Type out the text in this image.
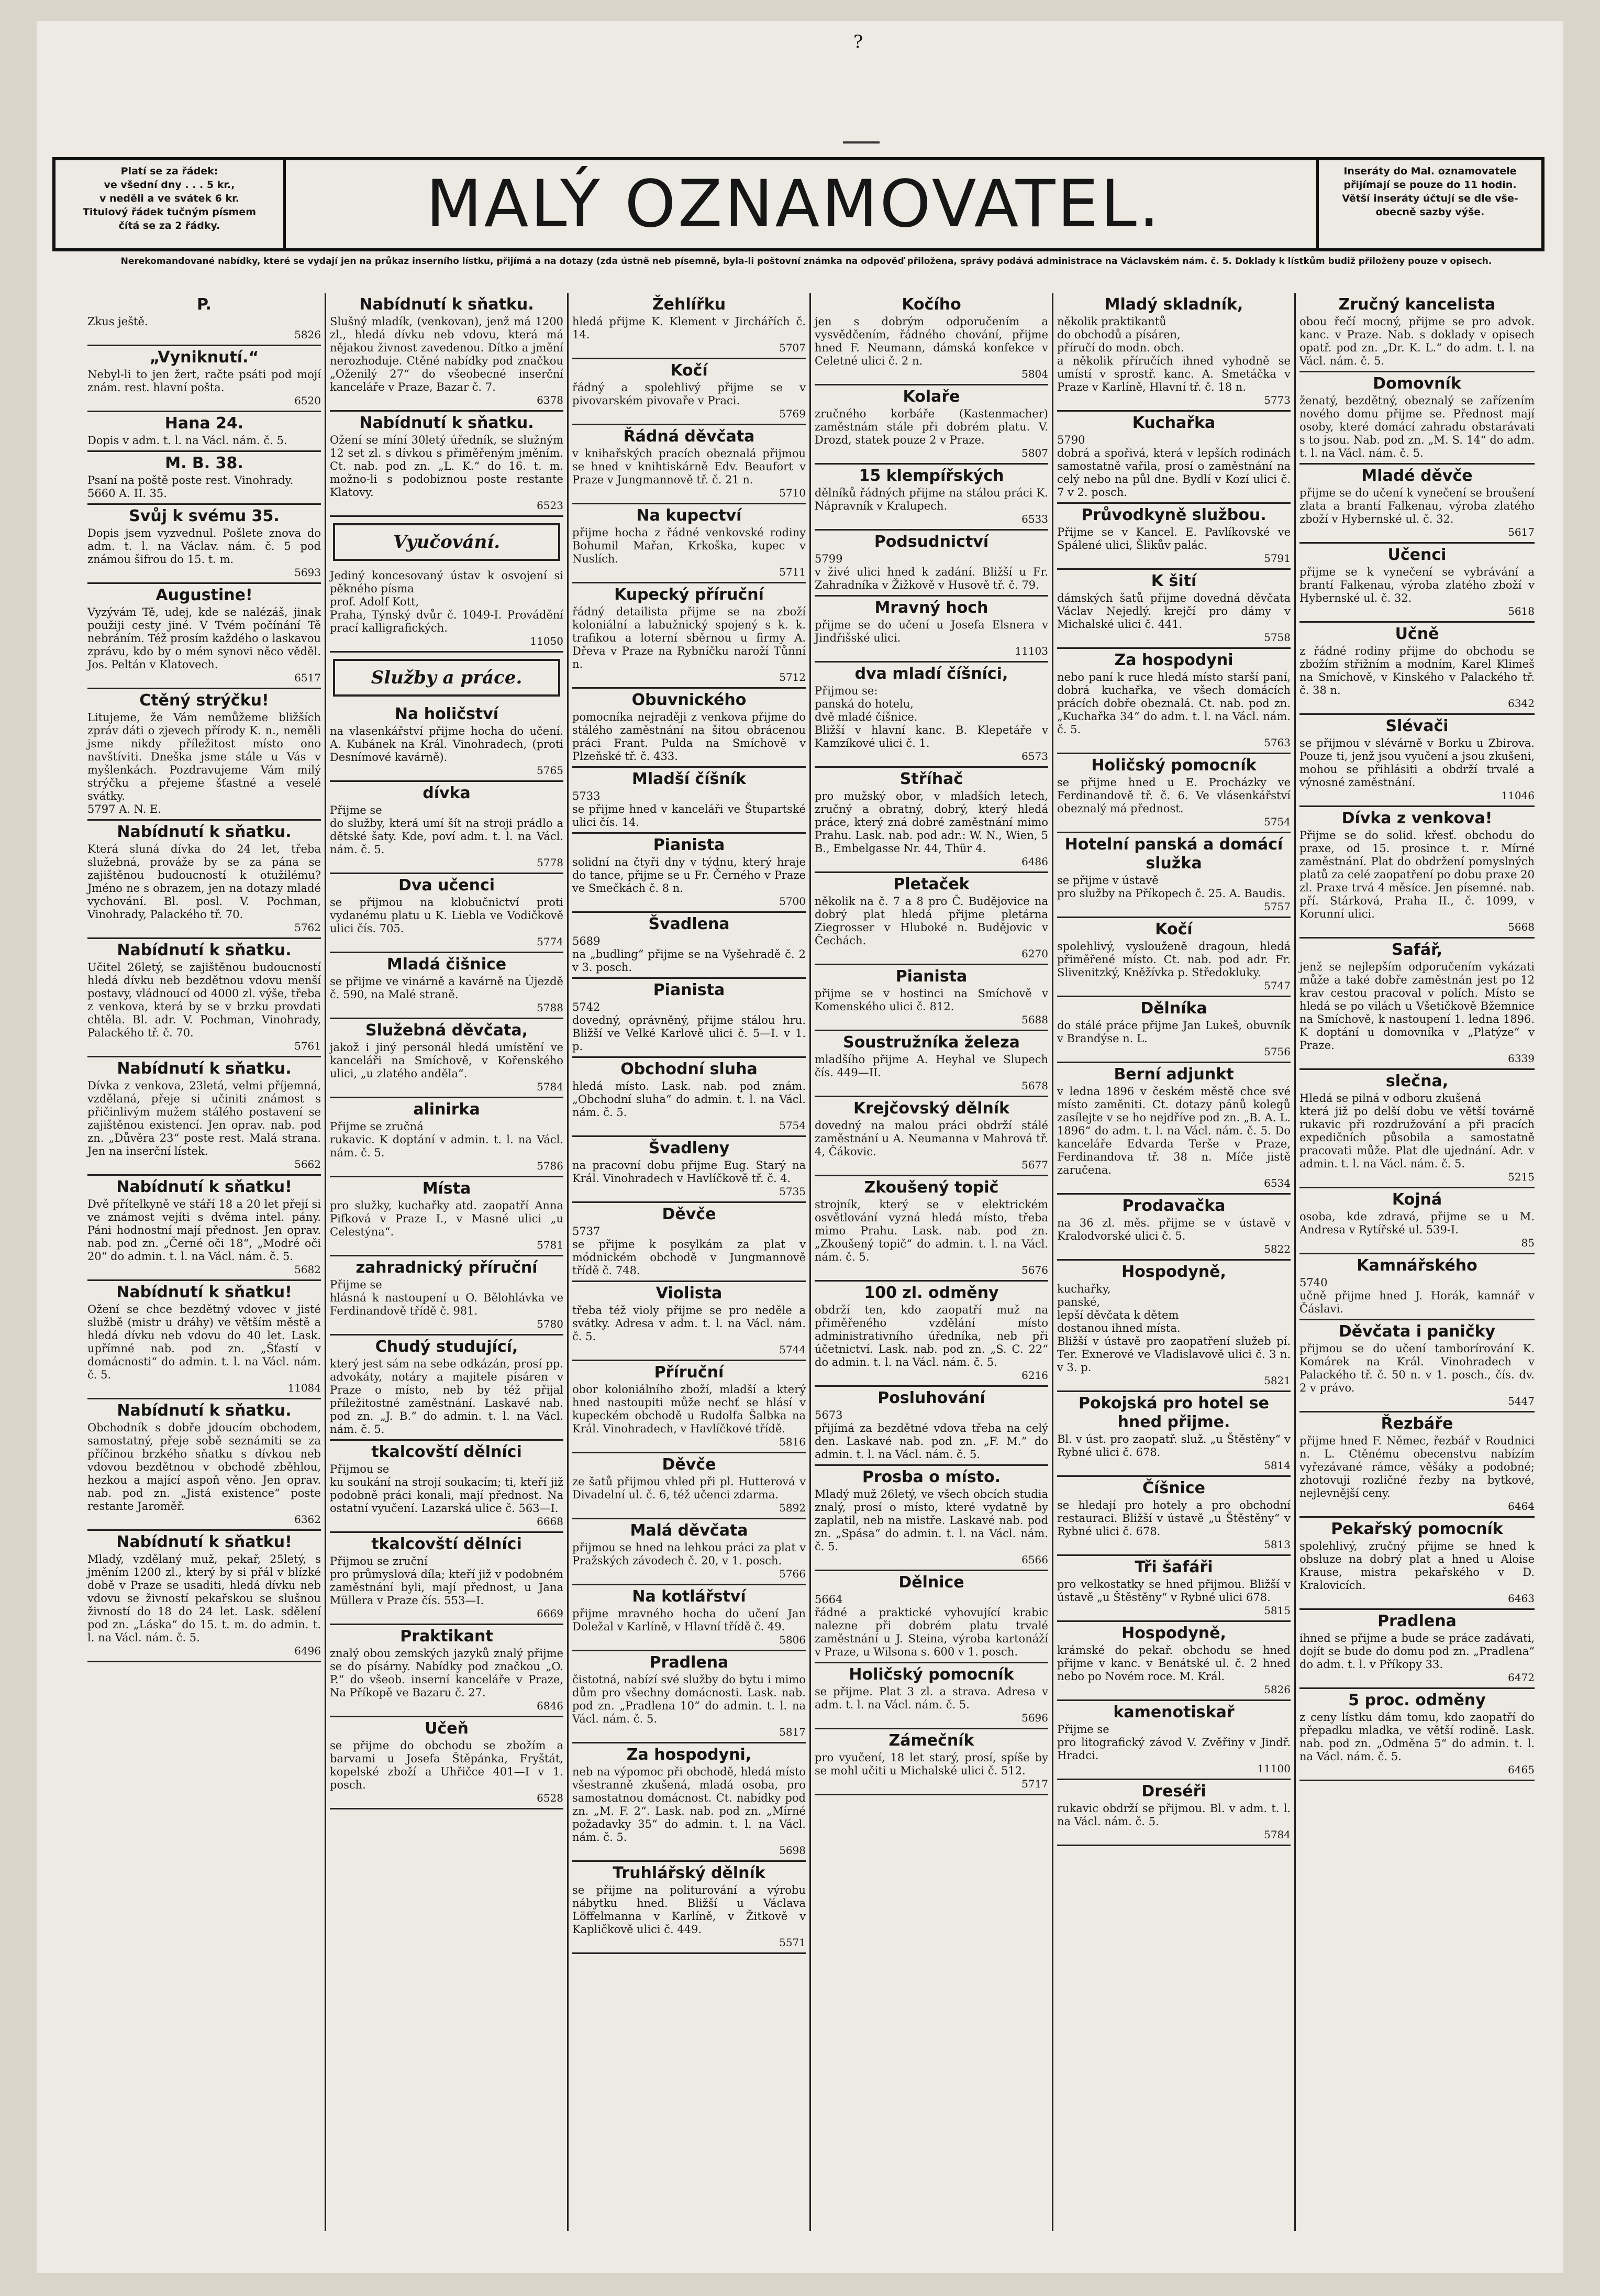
?
Platí se za řádek:
ve všední dny . . . 5 kr.,
v neděli a ve svátek 6 kr.
Titulový řádek tučným písmem
čítá se za 2 řádky.	MALÝ OZNAMOVATEL.	Inseráty do Mal. oznamovatele
přijímají se pouze do 11 hodin.
Větší inseráty účtují se dle vše-
obecně sazby výše.
Nerekomandované nabídky, které se vydají jen na průkaz inserního lístku, přijímá a na dotazy (zda ústně neb písemně, byla-li poštovní známka na odpověď přiložena, správy podává administrace na Václavském nám. č. 5. Doklady k lístkům budiž přiloženy pouze v opisech.
P.
Zkus ještě.
5826
„Vyniknutí.“
Nebyl-li to jen žert, račte psáti pod mojí znám. rest. hlavní pošta.
6520
Hana 24.
Dopis v adm. t. l. na Václ. nám. č. 5.
M. B. 38.
Psaní na poště poste rest. Vinohrady.
5660 A. II. 35.
Svůj k svému 35.
Dopis jsem vyzvednul. Pošlete znova do adm. t. l. na Václav. nám. č. 5 pod známou šifrou do 15. t. m.
5693
Augustine!
Vyzývám Tě, udej, kde se nalézáš, jinak použiji cesty jiné. V Tvém počínání Tě nebráním. Též prosím každého o laskavou zprávu, kdo by o mém synovi něco věděl. Jos. Peltán v Klatovech.
6517
Ctěný strýčku!
Litujeme, že Vám nemůžeme bližších zpráv dáti o zjevech přírody K. n., neměli jsme nikdy příležitost místo ono navštíviti. Dneška jsme stále u Vás v myšlenkách. Pozdravujeme Vám milý strýčku a přejeme šťastné a veselé svátky.
5797 A. N. E.
Nabídnutí k sňatku.
Která sluná dívka do 24 let, třeba služebná, prováže by se za pána se zajištěnou budoucností k otužilému? Jméno ne s obrazem, jen na dotazy mladé vychování. Bl. posl. V. Pochman, Vinohrady, Palackého tř. 70.
5762
Nabídnutí k sňatku.
Učitel 26letý, se zajištěnou budoucností hledá dívku neb bezdětnou vdovu menší postavy, vládnoucí od 4000 zl. výše, třeba z venkova, která by se v brzku provdati chtěla. Bl. adr. V. Pochman, Vinohrady, Palackého tř. č. 70.
5761
Nabídnutí k sňatku.
Dívka z venkova, 23letá, velmi příjemná, vzdělaná, přeje si učiniti známost s přičinlivým mužem stálého postavení se zajištěnou existencí. Jen oprav. nab. pod zn. „Důvěra 23“ poste rest. Malá strana. Jen na inserční lístek.
5662
Nabídnutí k sňatku!
Dvě přítelkyně ve stáří 18 a 20 let přejí si ve známost vejíti s dvěma intel. pány. Páni hodnostní mají přednost. Jen oprav. nab. pod zn. „Černé oči 18“, „Modré oči 20“ do admin. t. l. na Václ. nám. č. 5.
5682
Nabídnutí k sňatku!
Ožení se chce bezdětný vdovec v jisté službě (mistr u dráhy) ve větším městě a hledá dívku neb vdovu do 40 let. Lask. upřímné nab. pod zn. „Šťastí v domácnosti“ do admin. t. l. na Václ. nám. č. 5.
11084
Nabídnutí k sňatku.
Obchodník s dobře jdoucím obchodem, samostatný, přeje sobě seznámiti se za příčinou brzkého sňatku s dívkou neb vdovou bezdětnou v obchodě zběhlou, hezkou a mající aspoň věno. Jen oprav. nab. pod zn. „Jistá existence“ poste restante Jaroměř.
6362
Nabídnutí k sňatku!
Mladý, vzdělaný muž, pekař, 25letý, s jměním 1200 zl., který by si přál v blízké době v Praze se usaditi, hledá dívku neb vdovu se živností pekařskou se slušnou živností do 18 do 24 let. Lask. sdělení pod zn. „Láska“ do 15. t. m. do admin. t. l. na Václ. nám. č. 5.
6496
Nabídnutí k sňatku.
Slušný mladík, (venkovan), jenž má 1200 zl., hledá dívku neb vdovu, která má nějakou živnost zavedenou. Dítko a jmění nerozhoduje. Ctěné nabídky pod značkou „Oženilý 27“ do všeobecné inserční kanceláře v Praze, Bazar č. 7.
6378
Nabídnutí k sňatku.
Ožení se míní 30letý úředník, se služným 12 set zl. s dívkou s přiměřeným jměním. Ct. nab. pod zn. „L. K.“ do 16. t. m. možno-li s podobiznou poste restante Klatovy.
6523
Vyučování.
Jediný koncesovaný ústav k osvojení si pěkného písma
prof. Adolf Kott,
Praha, Týnský dvůr č. 1049-I. Provádění prací kalligrafických.
11050
Služby a práce.
Na holičství
na vlasenkářství přijme hocha do učení. A. Kubánek na Král. Vinohradech, (proti Desnímové kavárně).
5765
dívka
Přijme se
do služby, která umí šít na stroji prádlo a dětské šaty. Kde, poví adm. t. l. na Václ. nám. č. 5.
5778
Dva učenci
se přijmou na klobučnictví proti vydanému platu u K. Liebla ve Vodičkově ulici čís. 705.
5774
Mladá čišnice
se přijme ve vinárně a kavárně na Újezdě č. 590, na Malé straně.
5788
Služebná děvčata,
jakož i jiný personál hledá umístění ve kanceláři na Smíchově, v Kořenského ulici, „u zlatého anděla“.
5784
alinirka
Přijme se zručná
rukavic. K doptání v admin. t. l. na Václ. nám. č. 5.
5786
Místa
pro služky, kuchařky atd. zaopatří Anna Pifková v Praze I., v Masné ulici „u Celestýna“.
5781
zahradnický příruční
Přijme se
hlásná k nastoupení u O. Bělohlávka ve Ferdinandově třídě č. 981.
5780
Chudý studující,
který jest sám na sebe odkázán, prosí pp. advokáty, notáry a majitele písáren v Praze o místo, neb by též přijal příležitostné zaměstnání. Laskavé nab. pod zn. „J. B.“ do admin. t. l. na Václ. nám. č. 5.
tkalcovští dělníci
Přijmou se
ku soukání na strojí soukacím; ti, kteří již podobně práci konali, mají přednost. Na ostatní vyučení. Lazarská ulice č. 563—I.
6668
tkalcovští dělníci
Přijmou se zruční
pro průmyslová díla; kteří již v podobném zaměstnání byli, mají přednost, u Jana Müllera v Praze čís. 553—I.
6669
Praktikant
znalý obou zemských jazyků znalý přijme se do písárny. Nabídky pod značkou „O. P.“ do všeob. inserní kanceláře v Praze, Na Příkopě ve Bazaru č. 27.
6846
Učeň
se přijme do obchodu se zbožím a barvami u Josefa Štěpánka, Fryštát, kopelské zboží a Uhřičce 401—I v 1. posch.
6528
Žehlířku
hledá přijme K. Klement v Jirchářích č. 14.
5707
Kočí
řádný a spolehlivý přijme se v pivovarském pivovaře v Praci.
5769
Řádná děvčata
v knihařských pracích obeznalá přijmou se hned v knihtiskárně Edv. Beaufort v Praze v Jungmannově tř. č. 21 n.
5710
Na kupectví
přijme hocha z řádné venkovské rodiny Bohumil Mařan, Krkoška, kupec v Nuslích.
5711
Kupecký příruční
řádný detailista přijme se na zboží koloniální a labužnický spojený s k. k. trafikou a loterní sběrnou u firmy A. Dřeva v Praze na Rybníčku naroží Tůnní n.
5712
Obuvnického
pomocníka nejraději z venkova přijme do stálého zaměstnání na šitou obrácenou práci Frant. Pulda na Smíchově v Plzeňské tř. č. 433.
Mladší číšník
5733
se přijme hned v kanceláři ve Štupartské ulici čís. 14.
Pianista
solidní na čtyři dny v týdnu, který hraje do tance, přijme se u Fr. Černého v Praze ve Smečkách č. 8 n.
5700
Švadlena
5689
na „budling“ přijme se na Vyšehradě č. 2 v 3. posch.
Pianista
5742
dovedný, oprávněný, přijme stálou hru. Bližší ve Velké Karlově ulici č. 5—I. v 1. p.
Obchodní sluha
hledá místo. Lask. nab. pod znám. „Obchodní sluha“ do admin. t. l. na Václ. nám. č. 5.
5754
Švadleny
na pracovní dobu přijme Eug. Starý na Král. Vinohradech v Havlíčkově tř. č. 4.
5735
Děvče
5737
se přijme k posylkám za plat v módnickém obchodě v Jungmannově třídě č. 748.
Violista
třeba též violy přijme se pro neděle a svátky. Adresa v adm. t. l. na Václ. nám. č. 5.
5744
Příruční
obor koloniálního zboží, mladší a který hned nastoupiti může nechť se hlásí v kupeckém obchodě u Rudolfa Šalbka na Král. Vinohradech, v Havlíčkové třídě.
5816
Děvče
ze šatů přijmou vhled při pl. Hutterová v Divadelní ul. č. 6, též učenci zdarma.
5892
Malá děvčata
přijmou se hned na lehkou práci za plat v Pražských závodech č. 20, v 1. posch.
5766
Na kotlářství
přijme mravného hocha do učení Jan Doležal v Karlíně, v Hlavní třídě č. 49.
5806
Pradlena
čistotná, nabízí své služby do bytu i mimo dům pro všechny domácnosti. Lask. nab. pod zn. „Pradlena 10“ do admin. t. l. na Václ. nám. č. 5.
5817
Za hospodyni,
neb na výpomoc při obchodě, hledá místo všestranně zkušená, mladá osoba, pro samostatnou domácnost. Ct. nabídky pod zn. „M. F. 2“. Lask. nab. pod zn. „Mírné požadavky 35“ do admin. t. l. na Václ. nám. č. 5.
5698
Truhlářský dělník
se přijme na politurování a výrobu nábytku hned. Bližší u Václava Löffelmanna v Karlíně, v Žitkově v Kapličkově ulici č. 449.
5571
Kočího
jen s dobrým odporučením a vysvědčením, řádného chování, přijme hned F. Neumann, dámská konfekce v Celetné ulici č. 2 n.
5804
Kolaře
zručného korbáře (Kastenmacher) zaměstnám stále při dobrém platu. V. Drozd, statek pouze 2 v Praze.
5807
15 klempířských
dělníků řádných přijme na stálou práci K. Nápravník v Kralupech.
6533
Podsudnictví
5799
v živé ulici hned k zadání. Bližší u Fr. Zahradníka v Žižkově v Husově tř. č. 79.
Mravný hoch
přijme se do učení u Josefa Elsnera v Jindřišské ulici.
11103
dva mladí číšníci,
Přijmou se:
panská do hotelu,
dvě mladé číšnice.
Bližší v hlavní kanc. B. Klepetáře v Kamzíkové ulici č. 1.
6573
Stříhač
pro mužský obor, v mladších letech, zručný a obratný, dobrý, který hledá práce, který zná dobré zaměstnání mimo Prahu. Lask. nab. pod adr.: W. N., Wien, 5 B., Embelgasse Nr. 44, Thür 4.
6486
Pletaček
několik na č. 7 a 8 pro Č. Budějovice na dobrý plat hledá přijme pletárna Ziegrosser v Hluboké n. Budějovic v Čechách.
6270
Pianista
přijme se v hostinci na Smíchově v Komenského ulici č. 812.
5688
Soustružníka železa
mladšího přijme A. Heyhal ve Slupech čís. 449—II.
5678
Krejčovský dělník
dovedný na malou práci obdrží stálé zaměstnání u A. Neumanna v Mahrová tř. 4, Čákovic.
5677
Zkoušený topič
strojník, který se v elektrickém osvětlování vyzná hledá místo, třeba mimo Prahu. Lask. nab. pod zn. „Zkoušený topič“ do admin. t. l. na Václ. nám. č. 5.
5676
100 zl. odměny
obdrží ten, kdo zaopatří muž na přiměřeného vzdělání místo administrativního úředníka, neb při účetnictví. Lask. nab. pod zn. „S. C. 22“ do admin. t. l. na Václ. nám. č. 5.
6216
Posluhování
5673
přijímá za bezdětné vdova třeba na celý den. Laskavé nab. pod zn. „F. M.“ do admin. t. l. na Václ. nám. č. 5.
Prosba o místo.
Mladý muž 26letý, ve všech obcích studia znalý, prosí o místo, které vydatně by zaplatil, neb na mistře. Laskavé nab. pod zn. „Spása“ do admin. t. l. na Václ. nám. č. 5.
6566
Dělnice
5664
řádné a praktické vyhovující krabic nalezne při dobrém platu trvalé zaměstnání u J. Steina, výroba kartonáží v Praze, u Wilsona s. 600 v 1. posch.
Holičský pomocník
se přijme. Plat 3 zl. a strava. Adresa v adm. t. l. na Václ. nám. č. 5.
5696
Zámečník
pro vyučení, 18 let starý, prosí, spíše by se mohl učiti u Michalské ulici č. 512.
5717
Mladý skladník,
několik praktikantů
do obchodů a písáren,
příručí do modn. obch.
a několik příručích ihned vyhodně se umístí v sprostř. kanc. A. Smetáčka v Praze v Karlíně, Hlavní tř. č. 18 n.
5773
Kuchařka
5790
dobrá a spořivá, která v lepších rodinách samostatně vařila, prosí o zaměstnání na celý nebo na půl dne. Bydlí v Kozí ulici č. 7 v 2. posch.
Průvodkyně službou.
Přijme se v Kancel. E. Pavlíkovské ve Spálené ulici, Šlikův palác.
5791
K šití
dámských šatů přijme dovedná děvčata Václav Nejedlý. krejčí pro dámy v Michalské ulici č. 441.
5758
Za hospodyni
nebo paní k ruce hledá místo starší paní, dobrá kuchařka, ve všech domácích prácích dobře obeznalá. Ct. nab. pod zn. „Kuchařka 34“ do adm. t. l. na Václ. nám. č. 5.
5763
Holičský pomocník
se přijme hned u E. Procházky ve Ferdinandově tř. č. 6. Ve vlásenkářství obeznalý má přednost.
5754
Hotelní panská a domácí služka
se přijme v ústavě
pro služby na Příkopech č. 25. A. Baudis.
5757
Kočí
spolehlivý, vyslouženě dragoun, hledá přiměřené místo. Ct. nab. pod adr. Fr. Slivenitzký, Kněžívka p. Středokluky.
5747
Dělníka
do stálé práce přijme Jan Lukeš, obuvník v Brandýse n. L.
5756
Berní adjunkt
v ledna 1896 v českém městě chce své místo zaměniti. Ct. dotazy pánů kolegů zasílejte v se ho nejdříve pod zn. „B. A. L. 1896“ do adm. t. l. na Václ. nám. č. 5. Do kanceláře Edvarda Terše v Praze, Ferdinandova tř. 38 n. Míče jistě zaručena.
6534
Prodavačka
na 36 zl. měs. přijme se v ústavě v Kralodvorské ulici č. 5.
5822
Hospodyně,
kuchařky,
panské,
lepší děvčata k dětem
dostanou ihned místa.
Bližší v ústavě pro zaopatření služeb pí. Ter. Exnerové ve Vladislavově ulici č. 3 n. v 3. p.
5821
Pokojská pro hotel se hned přijme.
Bl. v úst. pro zaopatř. služ. „u Štěstěny“ v Rybné ulici č. 678.
5814
Číšnice
se hledají pro hotely a pro obchodní restauraci. Bližší v ústavě „u Štěstěny“ v Rybné ulici č. 678.
5813
Tři šafáři
pro velkostatky se hned přijmou. Bližší v ústavě „u Štěstěny“ v Rybné ulici 678.
5815
Hospodyně,
krámské do pekař. obchodu se hned přijme v kanc. v Benátské ul. č. 2 hned nebo po Novém roce. M. Král.
5826
kamenotiskař
Přijme se
pro litografický závod V. Zvěřiny v Jindř. Hradci.
11100
Dreséři
rukavic obdrží se přijmou. Bl. v adm. t. l. na Václ. nám. č. 5.
5784
Zručný kancelista
obou řečí mocný, přijme se pro advok. kanc. v Praze. Nab. s doklady v opisech opatř. pod zn. „Dr. K. L.“ do adm. t. l. na Václ. nám. č. 5.
Domovník
ženatý, bezdětný, obeznalý se zařízením nového domu přijme se. Přednost mají osoby, které domácí zahradu obstarávati s to jsou. Nab. pod zn. „M. S. 14“ do adm. t. l. na Václ. nám. č. 5.
Mladé děvče
přijme se do učení k vynečení se broušení zlata a brantí Falkenau, výroba zlatého zboží v Hybernské ul. č. 32.
5617
Učenci
přijme se k vynečení se vybrávání a brantí Falkenau, výroba zlatého zboží v Hybernské ul. č. 32.
5618
Učně
z řádné rodiny přijme do obchodu se zbožím střižním a modním, Karel Klimeš na Smíchově, v Kinského v Palackého tř. č. 38 n.
6342
Slévači
se přijmou v slévárně v Borku u Zbirova. Pouze ti, jenž jsou vyučení a jsou zkušeni, mohou se přihlásiti a obdrží trvalé a výnosné zaměstnání.
11046
Dívka z venkova!
Přijme se do solid. křesť. obchodu do praxe, od 15. prosince t. r. Mírné zaměstnání. Plat do obdržení pomyslných platů za celé zaopatření po dobu praxe 20 zl. Praxe trvá 4 měsíce. Jen písemné. nab. pří. Stárková, Praha II., č. 1099, v Korunní ulici.
5668
Safář,
jenž se nejlepším odporučením vykázati může a také dobře zaměstnán jest po 12 krav cestou pracoval v polích. Místo se hledá se po vilách u Všetičkově Bžemnice na Smíchově, k nastoupení 1. ledna 1896. K doptání u domovníka v „Platýze“ v Praze.
6339
slečna,
Hledá se pilná v odboru zkušená
která již po delší dobu ve větší továrně rukavic při rozdružování a při pracích expedičních působila a samostatně pracovati může. Plat dle ujednání. Adr. v admin. t. l. na Václ. nám. č. 5.
5215
Kojná
osoba, kde zdravá, přijme se u M. Andresa v Rytířské ul. 539-I.
85
Kamnářského
5740
učně přijme hned J. Horák, kamnář v Čáslavi.
Děvčata i paničky
přijmou se do učení tamborírování K. Komárek na Král. Vinohradech v Palackého tř. č. 50 n. v 1. posch., čís. dv. 2 v právo.
5447
Řezbáře
přijme hned F. Němec, řezbář v Roudnici n. L. Ctěnému obecenstvu nabízím vyřezávané rámce, věšáky a podobné; zhotovuji rozličné řezby na bytkové, nejlevnější ceny.
6464
Pekařský pomocník
spolehlivý, zručný přijme se hned k obsluze na dobrý plat a hned u Aloise Krause, mistra pekařského v D. Kralovicích.
6463
Pradlena
ihned se přijme a bude se práce zadávati, dojít se bude do domu pod zn. „Pradlena“ do adm. t. l. v Příkopy 33.
6472
5 proc. odměny
z ceny lístku dám tomu, kdo zaopatří do přepadku mladka, ve větší rodině. Lask. nab. pod zn. „Odměna 5“ do admin. t. l. na Václ. nám. č. 5.
6465
